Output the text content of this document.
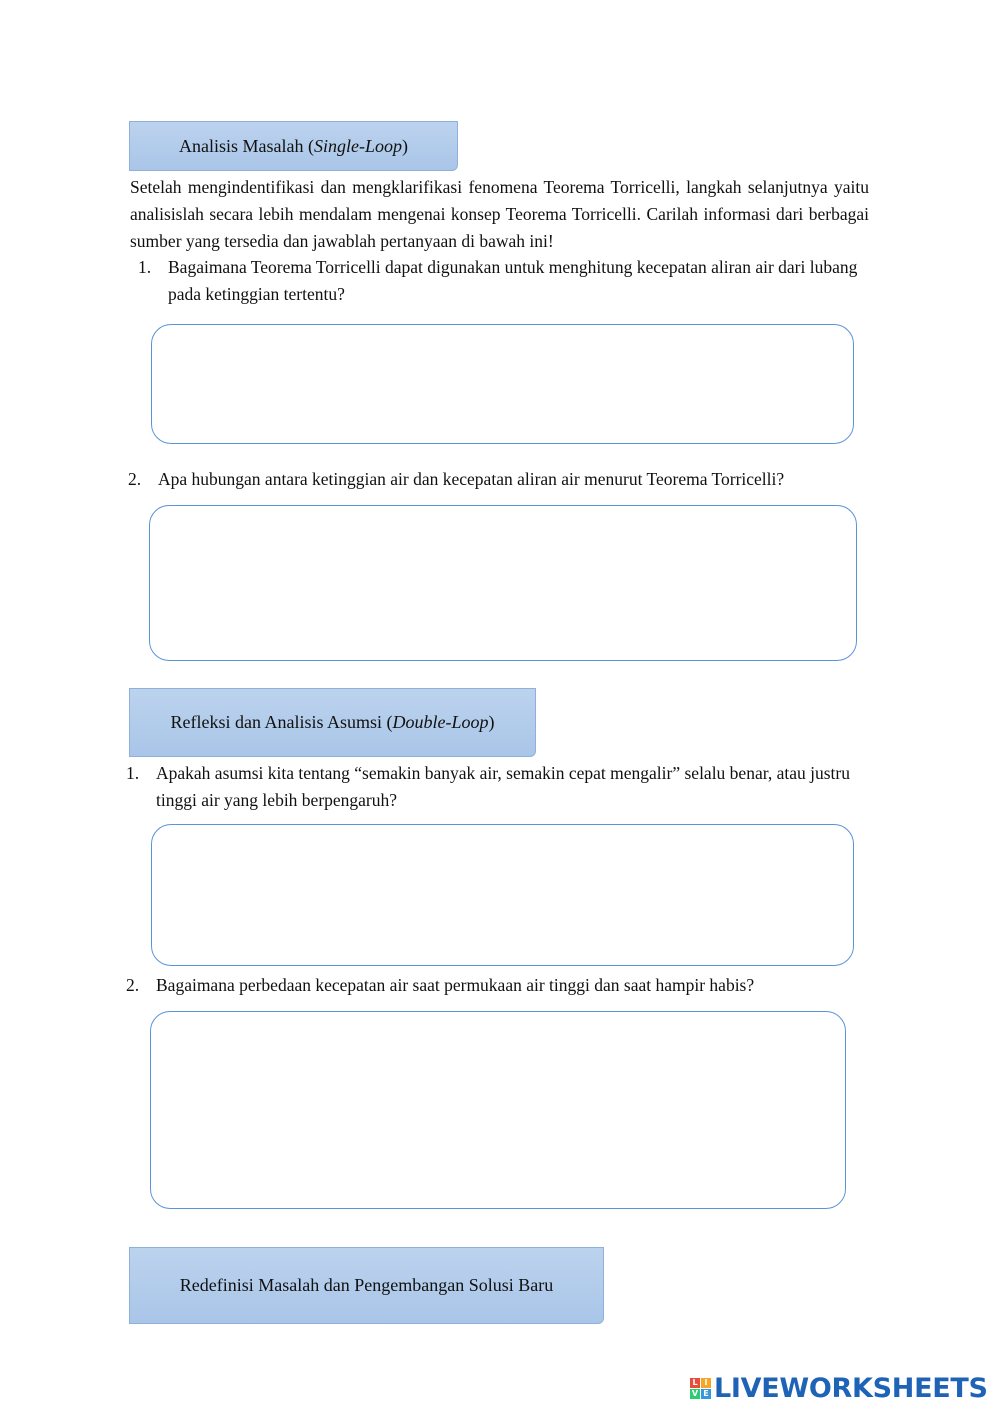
Analisis Masalah ( Single-Loop )
Setelah mengindentifikasi dan mengklarifikasi fenomena Teorema Torricelli, langkah selanjutnya yaitu analisislah secara lebih mendalam mengenai konsep Teorema Torricelli. Carilah informasi dari berbagai sumber yang tersedia dan jawablah pertanyaan di bawah ini!
1. Bagaimana Teorema Torricelli dapat digunakan untuk menghitung kecepatan aliran air dari lubang pada ketinggian tertentu?
2. Apa hubungan antara ketinggian air dan kecepatan aliran air menurut Teorema Torricelli?
Refleksi dan Analisis Asumsi ( Double-Loop )
1. Apakah asumsi kita tentang “semakin banyak air, semakin cepat mengalir” selalu benar, atau justru tinggi air yang lebih berpengaruh?
2. Bagaimana perbedaan kecepatan air saat permukaan air tinggi dan saat hampir habis?
Redefinisi Masalah dan Pengembangan Solusi Baru
L I
V E LIVEWORKSHEETS
